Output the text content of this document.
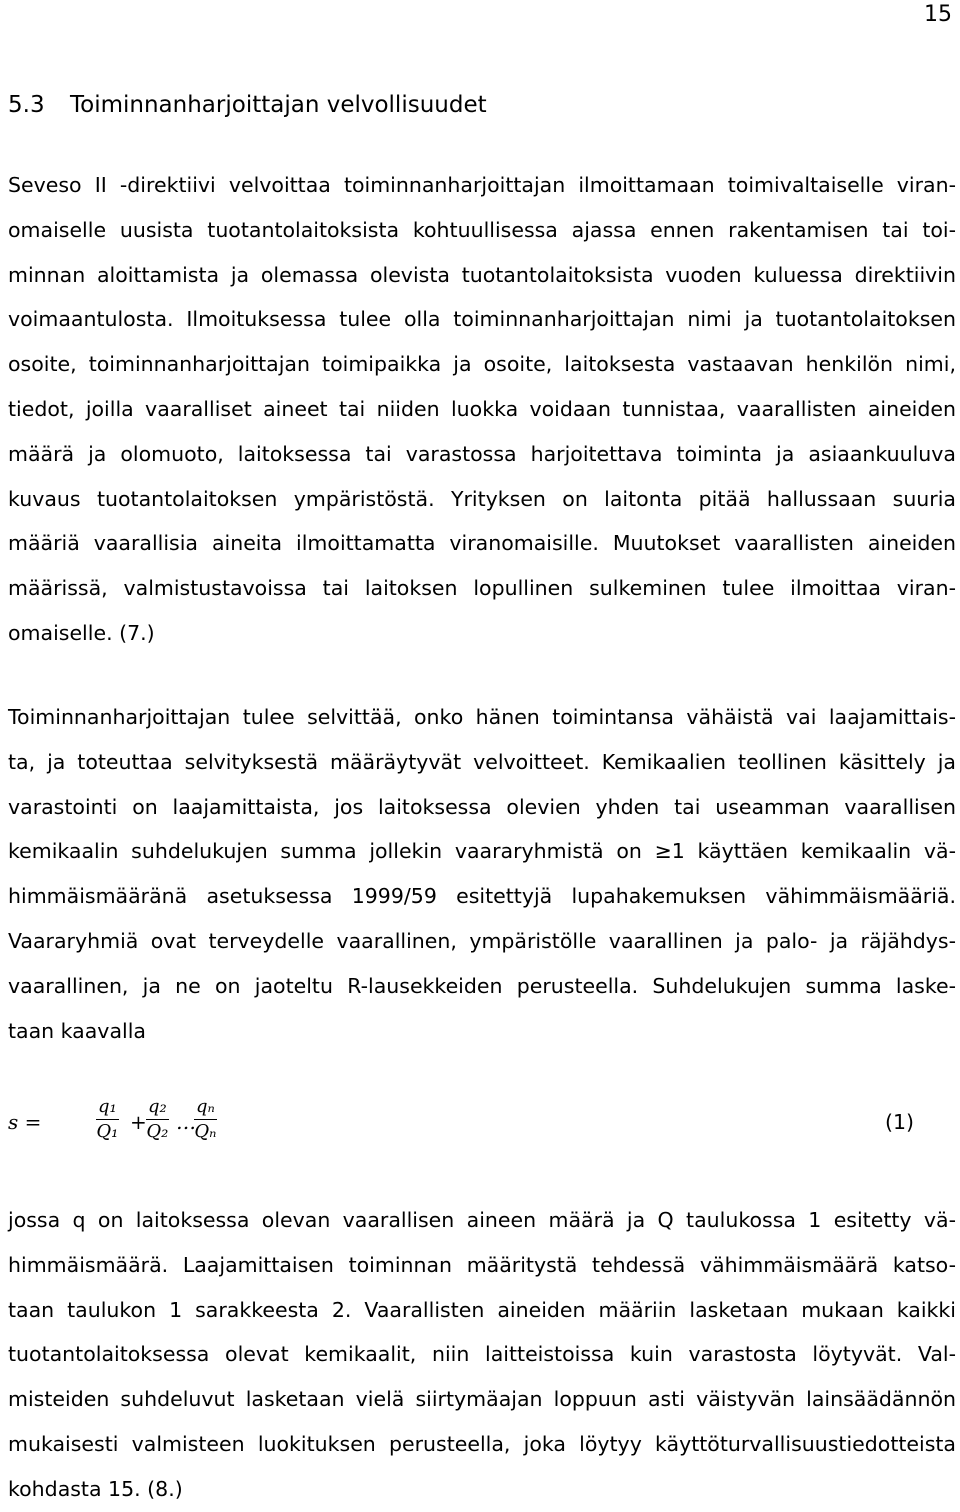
15
5.3 Toiminnanharjoittajan velvollisuudet
Seveso II -direktiivi velvoittaa toiminnanharjoittajan ilmoittamaan toimivaltaiselle viran-
omaiselle uusista tuotantolaitoksista kohtuullisessa ajassa ennen rakentamisen tai toi-
minnan aloittamista ja olemassa olevista tuotantolaitoksista vuoden kuluessa direktiivin
voimaantulosta. Ilmoituksessa tulee olla toiminnanharjoittajan nimi ja tuotantolaitoksen
osoite, toiminnanharjoittajan toimipaikka ja osoite, laitoksesta vastaavan henkilön nimi,
tiedot, joilla vaaralliset aineet tai niiden luokka voidaan tunnistaa, vaarallisten aineiden
määrä ja olomuoto, laitoksessa tai varastossa harjoitettava toiminta ja asiaankuuluva
kuvaus tuotantolaitoksen ympäristöstä. Yrityksen on laitonta pitää hallussaan suuria
määriä vaarallisia aineita ilmoittamatta viranomaisille. Muutokset vaarallisten aineiden
määrissä, valmistustavoissa tai laitoksen lopullinen sulkeminen tulee ilmoittaa viran-
omaiselle. (7.)
Toiminnanharjoittajan tulee selvittää, onko hänen toimintansa vähäistä vai laajamittais-
ta, ja toteuttaa selvityksestä määräytyvät velvoitteet. Kemikaalien teollinen käsittely ja
varastointi on laajamittaista, jos laitoksessa olevien yhden tai useamman vaarallisen
kemikaalin suhdelukujen summa jollekin vaararyhmistä on ≥1 käyttäen kemikaalin vä-
himmäismääränä asetuksessa 1999/59 esitettyjä lupahakemuksen vähimmäismääriä.
Vaararyhmiä ovat terveydelle vaarallinen, ympäristölle vaarallinen ja palo- ja räjähdys-
vaarallinen, ja ne on jaoteltu R-lausekkeiden perusteella. Suhdelukujen summa laske-
taan kaavalla
s =	$\frac{\text{q₁}}{\text{Q₁}} + \frac{\text{q₂}}{\text{Q₂}}$ …
$\frac{\text{qₙ}}{\text{Qₙ}}$	(1)
jossa q on laitoksessa olevan vaarallisen aineen määrä ja Q taulukossa 1 esitetty vä-
himmäismäärä. Laajamittaisen toiminnan määritystä tehdessä vähimmäismäärä katso-
taan taulukon 1 sarakkeesta 2. Vaarallisten aineiden määriin lasketaan mukaan kaikki
tuotantolaitoksessa olevat kemikaalit, niin laitteistoissa kuin varastosta löytyvät. Val-
misteiden suhdeluvut lasketaan vielä siirtymäajan loppuun asti väistyvän lainsäädännön
mukaisesti valmisteen luokituksen perusteella, joka löytyy käyttöturvallisuustiedotteista
kohdasta 15. (8.)
